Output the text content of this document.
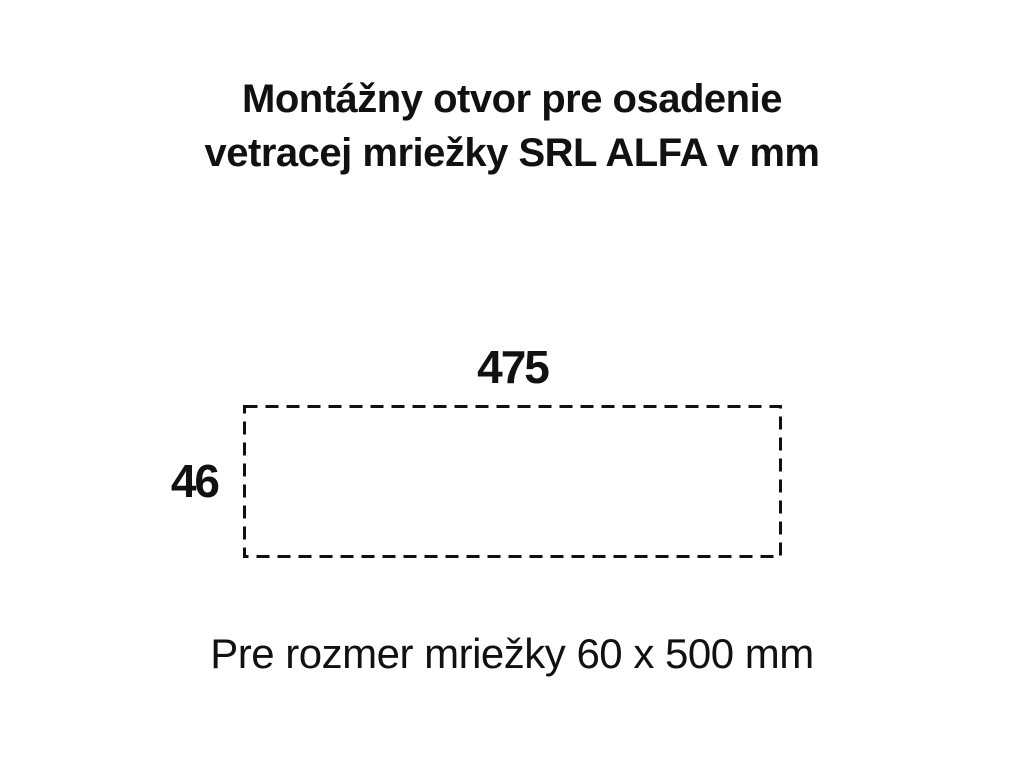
Montážny otvor pre osadenie
vetracej mriežky SRL ALFA v mm
475
46
Pre rozmer mriežky 60 x 500 mm
